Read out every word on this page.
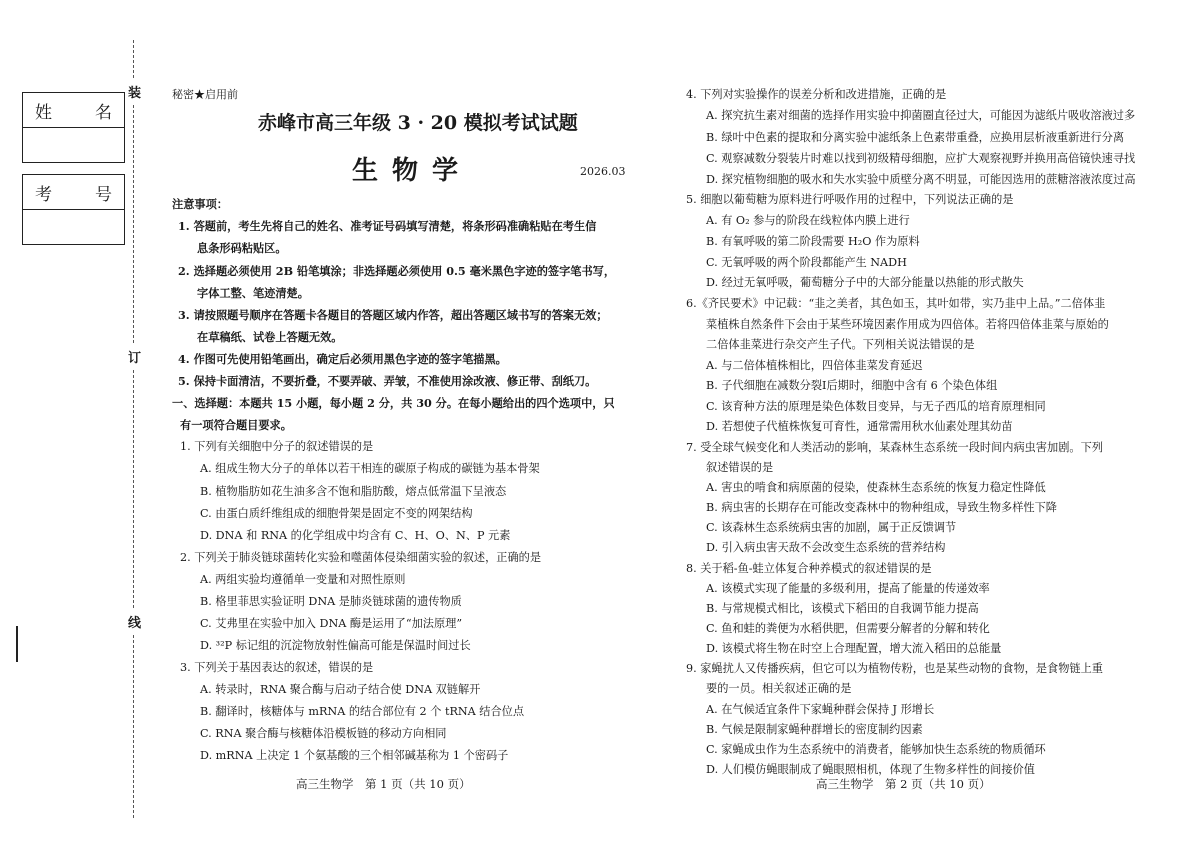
装
订
线
姓	名
考	号
秘密★启用前
赤峰市高三年级 3 · 20 模拟考试试题
生物学	2026.03
注意事项：
1. 答题前，考生先将自己的姓名、准考证号码填写清楚，将条形码准确粘贴在考生信
息条形码粘贴区。
2. 选择题必须使用 2B 铅笔填涂；非选择题必须使用 0.5 毫米黑色字迹的签字笔书写，
字体工整、笔迹清楚。
3. 请按照题号顺序在答题卡各题目的答题区域内作答，超出答题区域书写的答案无效；
在草稿纸、试卷上答题无效。
4. 作图可先使用铅笔画出，确定后必须用黑色字迹的签字笔描黑。
5. 保持卡面清洁，不要折叠，不要弄破、弄皱，不准使用涂改液、修正带、刮纸刀。
一、选择题：本题共 15 小题，每小题 2 分，共 30 分。在每小题给出的四个选项中，只
有一项符合题目要求。
1. 下列有关细胞中分子的叙述错误的是
A. 组成生物大分子的单体以若干相连的碳原子构成的碳链为基本骨架
B. 植物脂肪如花生油多含不饱和脂肪酸，熔点低常温下呈液态
C. 由蛋白质纤维组成的细胞骨架是固定不变的网架结构
D. DNA 和 RNA 的化学组成中均含有 C、H、O、N、P 元素
2. 下列关于肺炎链球菌转化实验和噬菌体侵染细菌实验的叙述，正确的是
A. 两组实验均遵循单一变量和对照性原则
B. 格里菲思实验证明 DNA 是肺炎链球菌的遗传物质
C. 艾弗里在实验中加入 DNA 酶是运用了“加法原理”
D. ³²P 标记组的沉淀物放射性偏高可能是保温时间过长
3. 下列关于基因表达的叙述，错误的是
A. 转录时，RNA 聚合酶与启动子结合使 DNA 双链解开
B. 翻译时，核糖体与 mRNA 的结合部位有 2 个 tRNA 结合位点
C. RNA 聚合酶与核糖体沿模板链的移动方向相同
D. mRNA 上决定 1 个氨基酸的三个相邻碱基称为 1 个密码子
4. 下列对实验操作的误差分析和改进措施，正确的是
A. 探究抗生素对细菌的选择作用实验中抑菌圈直径过大，可能因为滤纸片吸收溶液过多
B. 绿叶中色素的提取和分离实验中滤纸条上色素带重叠，应换用层析液重新进行分离
C. 观察减数分裂装片时难以找到初级精母细胞，应扩大观察视野并换用高倍镜快速寻找
D. 探究植物细胞的吸水和失水实验中质壁分离不明显，可能因选用的蔗糖溶液浓度过高
5. 细胞以葡萄糖为原料进行呼吸作用的过程中，下列说法正确的是
A. 有 O₂ 参与的阶段在线粒体内膜上进行
B. 有氧呼吸的第二阶段需要 H₂O 作为原料
C. 无氧呼吸的两个阶段都能产生 NADH
D. 经过无氧呼吸，葡萄糖分子中的大部分能量以热能的形式散失
6.《齐民要术》中记载：“韭之美者，其色如玉，其叶如带，实乃韭中上品。”二倍体韭
菜植株自然条件下会由于某些环境因素作用成为四倍体。若将四倍体韭菜与原始的
二倍体韭菜进行杂交产生子代。下列相关说法错误的是
A. 与二倍体植株相比，四倍体韭菜发育延迟
B. 子代细胞在减数分裂Ⅰ后期时，细胞中含有 6 个染色体组
C. 该育种方法的原理是染色体数目变异，与无子西瓜的培育原理相同
D. 若想使子代植株恢复可育性，通常需用秋水仙素处理其幼苗
7. 受全球气候变化和人类活动的影响，某森林生态系统一段时间内病虫害加剧。下列
叙述错误的是
A. 害虫的啃食和病原菌的侵染，使森林生态系统的恢复力稳定性降低
B. 病虫害的长期存在可能改变森林中的物种组成，导致生物多样性下降
C. 该森林生态系统病虫害的加剧，属于正反馈调节
D. 引入病虫害天敌不会改变生态系统的营养结构
8. 关于稻-鱼-蛙立体复合种养模式的叙述错误的是
A. 该模式实现了能量的多级利用，提高了能量的传递效率
B. 与常规模式相比，该模式下稻田的自我调节能力提高
C. 鱼和蛙的粪便为水稻供肥，但需要分解者的分解和转化
D. 该模式将生物在时空上合理配置，增大流入稻田的总能量
9. 家蝇扰人又传播疾病，但它可以为植物传粉，也是某些动物的食物，是食物链上重
要的一员。相关叙述正确的是
A. 在气候适宜条件下家蝇种群会保持 J 形增长
B. 气候是限制家蝇种群增长的密度制约因素
C. 家蝇成虫作为生态系统中的消费者，能够加快生态系统的物质循环
D. 人们模仿蝇眼制成了蝇眼照相机，体现了生物多样性的间接价值
高三生物学　第 1 页（共 10 页）	高三生物学　第 2 页（共 10 页）
